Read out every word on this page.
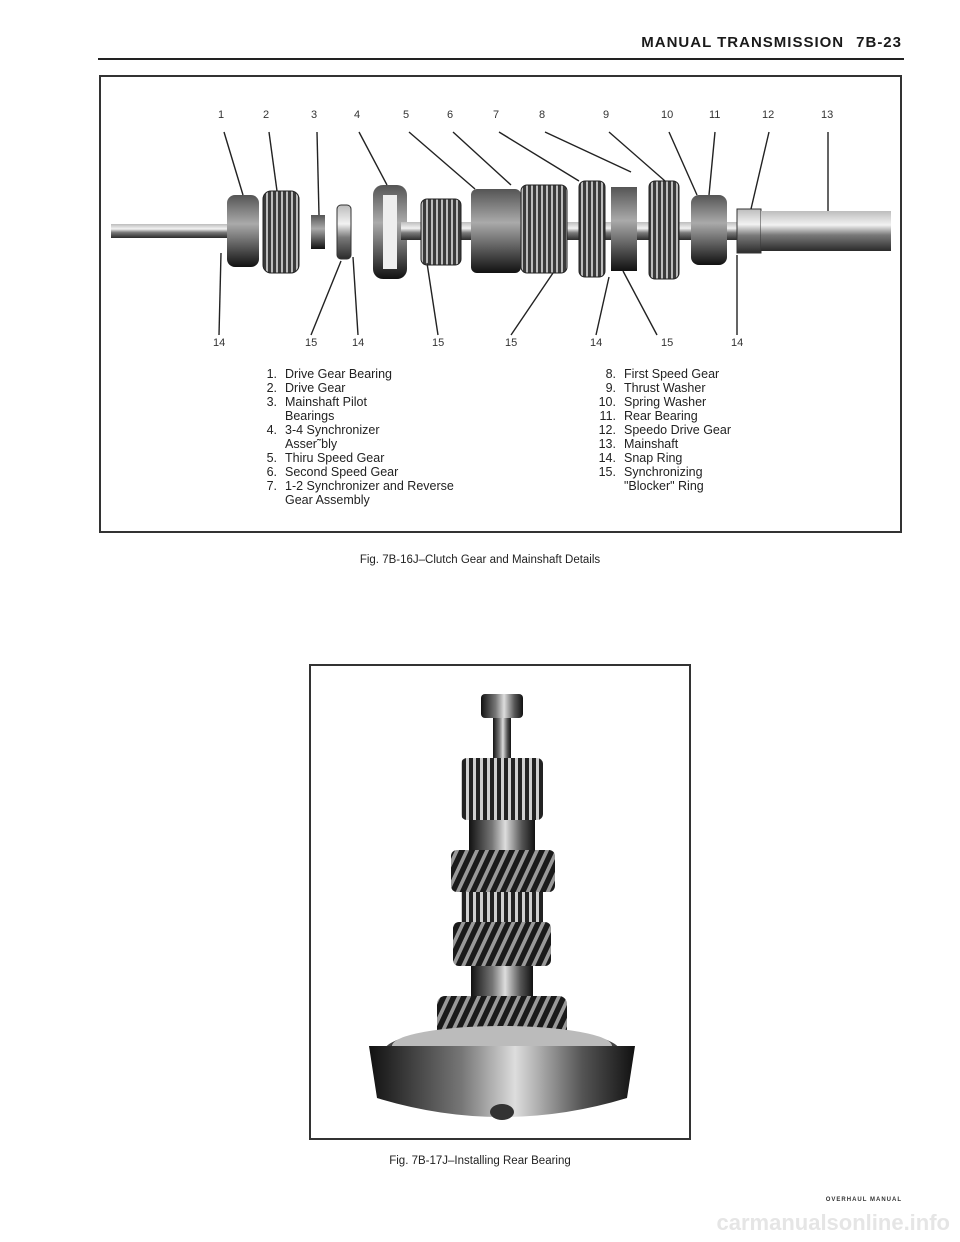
MANUAL TRANSMISSION 7B-23
1	2	3	4	5	6	7	8	9	10	11	12	13
14	15	14	15	15	14	15	14
1. Drive Gear Bearing
2. Drive Gear
3. Mainshaft Pilot Bearings
4. 3-4 Synchronizer Asser˜bly
5. Thiru Speed Gear
6. Second Speed Gear
7. 1-2 Synchronizer and Reverse Gear Assembly
8. First Speed Gear
9. Thrust Washer
10. Spring Washer
11. Rear Bearing
12. Speedo Drive Gear
13. Mainshaft
14. Snap Ring
15. Synchronizing "Blocker" Ring
Fig. 7B-16J–Clutch Gear and Mainshaft Details
Fig. 7B-17J–Installing Rear Bearing
OVERHAUL MANUAL
carmanualsonline.info
